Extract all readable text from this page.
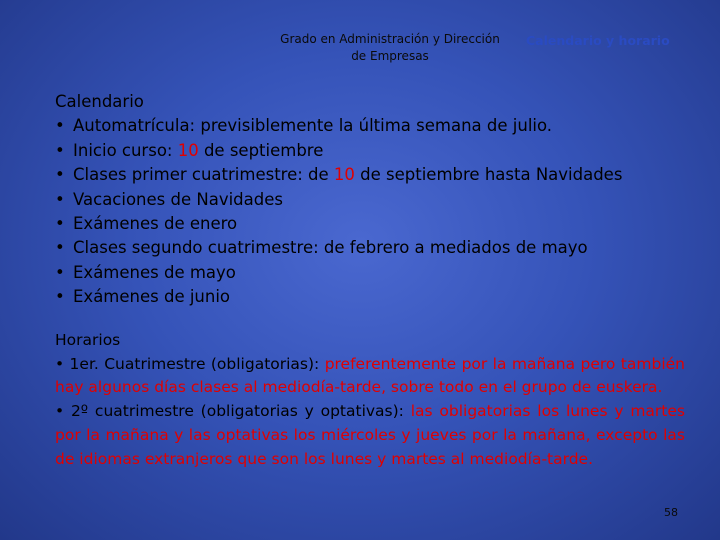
Grado en Administración y Dirección
de Empresas
Calendario y horario
Calendario
• Automatrícula: previsiblemente la última semana de julio.
• Inicio curso: 10 de septiembre
• Clases primer cuatrimestre: de 10 de septiembre hasta Navidades
• Vacaciones de Navidades
• Exámenes de enero
• Clases segundo cuatrimestre: de febrero a mediados de mayo
• Exámenes de mayo
• Exámenes de junio
Horarios

• 1er. Cuatrimestre (obligatorias): preferentemente por la mañana pero también hay algunos días clases al mediodía-tarde, sobre todo en el grupo de euskera.

• 2º cuatrimestre (obligatorias y optativas): las obligatorias los lunes y martes por la mañana y las optativas los miércoles y jueves por la mañana, excepto las de idiomas extranjeros que son los lunes y martes al mediodía-tarde.

58
